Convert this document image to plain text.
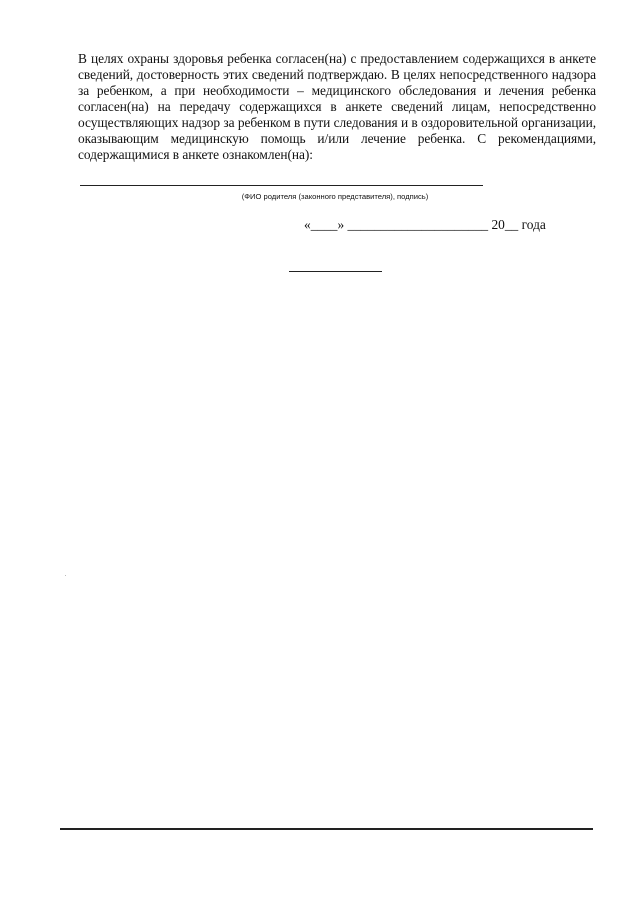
В целях охраны здоровья ребенка согласен(на) с предоставлением содержащихся в анкете сведений, достоверность этих сведений подтверждаю. В целях непосредственного надзора за ребенком, а при необходимости – медицинского обследования и лечения ребенка согласен(на) на передачу содержащихся в анкете сведений лицам, непосредственно осуществляющих надзор за ребенком в пути следования и в оздоровительной организации, оказывающим медицинскую помощь и/или лечение ребенка. С рекомендациями, содержащимися в анкете ознакомлен(на):

(ФИО родителя (законного представителя), подпись)
«____» _____________________ 20__ года
